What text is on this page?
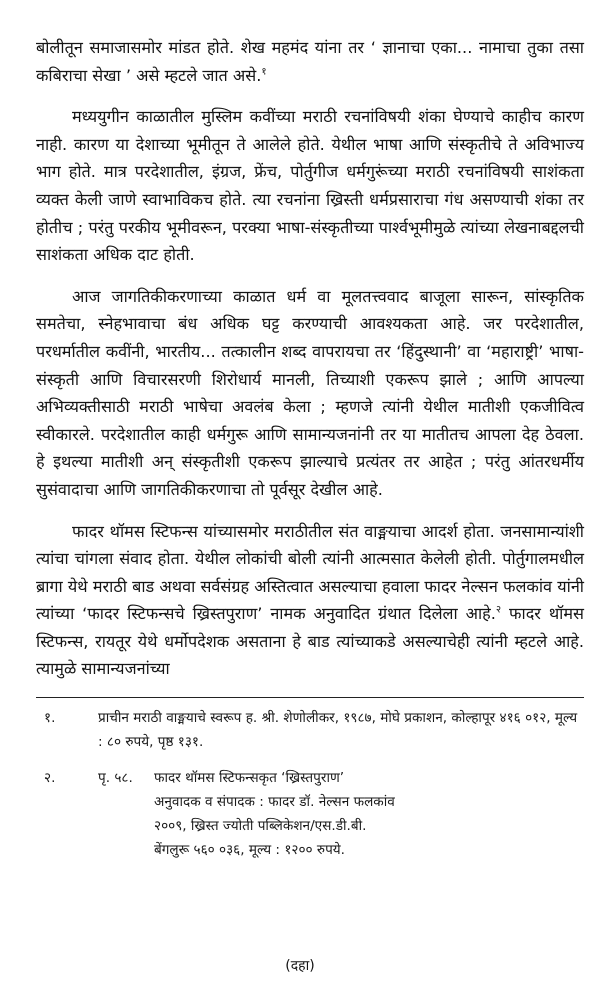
बोलीतून समाजासमोर मांडत होते. शेख महमंद यांना तर ‘ ज्ञानाचा एका... नामाचा तुका तसा कबिराचा सेखा ’ असे म्हटले जात असे.$^१$

मध्ययुगीन काळातील मुस्लिम कवींच्या मराठी रचनांविषयी शंका घेण्याचे काहीच कारण नाही. कारण या देशाच्या भूमीतून ते आलेले होते. येथील भाषा आणि संस्कृतीचे ते अविभाज्य भाग होते. मात्र परदेशातील, इंग्रज, फ्रेंच, पोर्तुगीज धर्मगुरूंच्या मराठी रचनांविषयी साशंकता व्यक्त केली जाणे स्वाभाविकच होते. त्या रचनांना ख्रिस्ती धर्मप्रसाराचा गंध असण्याची शंका तर होतीच ; परंतु परकीय भूमीवरून, परक्या भाषा-संस्कृतीच्या पार्श्वभूमीमुळे त्यांच्या लेखनाबद्दलची साशंकता अधिक दाट होती.

आज जागतिकीकरणाच्या काळात धर्म वा मूलतत्त्ववाद बाजूला सारून, सांस्कृतिक समतेचा, स्नेहभावाचा बंध अधिक घट्ट करण्याची आवश्यकता आहे. जर परदेशातील, परधर्मातील कवींनी, भारतीय... तत्कालीन शब्द वापरायचा तर ‘हिंदुस्थानी’ वा ‘महाराष्ट्री’ भाषा-संस्कृती आणि विचारसरणी शिरोधार्य मानली, तिच्याशी एकरूप झाले ; आणि आपल्या अभिव्यक्तीसाठी मराठी भाषेचा अवलंब केला ; म्हणजे त्यांनी येथील मातीशी एकजीवित्व स्वीकारले. परदेशातील काही धर्मगुरू आणि सामान्यजनांनी तर या मातीतच आपला देह ठेवला. हे इथल्या मातीशी अन् संस्कृतीशी एकरूप झाल्याचे प्रत्यंतर तर आहेत ; परंतु आंतरधर्मीय सुसंवादाचा आणि जागतिकीकरणाचा तो पूर्वसूर देखील आहे.

फादर थॉमस स्टिफन्स यांच्यासमोर मराठीतील संत वाङ्मयाचा आदर्श होता. जनसामान्यांशी त्यांचा चांगला संवाद होता. येथील लोकांची बोली त्यांनी आत्मसात केलेली होती. पोर्तुगालमधील ब्रागा येथे मराठी बाड अथवा सर्वसंग्रह अस्तित्वात असल्याचा हवाला फादर नेल्सन फलकांव यांनी त्यांच्या ‘फादर स्टिफन्सचे ख्रिस्तपुराण’ नामक अनुवादित ग्रंथात दिलेला आहे.$^२$ फादर थॉमस स्टिफन्स, रायतूर येथे धर्मोपदेशक असताना हे बाड त्यांच्याकडे असल्याचेही त्यांनी म्हटले आहे. त्यामुळे सामान्यजनांच्या

१.	प्राचीन मराठी वाङ्मयाचे स्वरूप ह. श्री. शेणोलीकर, १९८७, मोघे प्रकाशन, कोल्हापूर ४१६ ०१२, मूल्य : ८० रुपये, पृष्ठ १३१.
२.	पृ. ५८.	फादर थॉमस स्टिफन्सकृत ‘ख्रिस्तपुराण’
अनुवादक व संपादक : फादर डॉ. नेल्सन फलकांव
२००९, ख्रिस्त ज्योती पब्लिकेशन/एस.डी.बी.
बेंगलुरू ५६० ०३६, मूल्य : १२०० रुपये.
(दहा)
